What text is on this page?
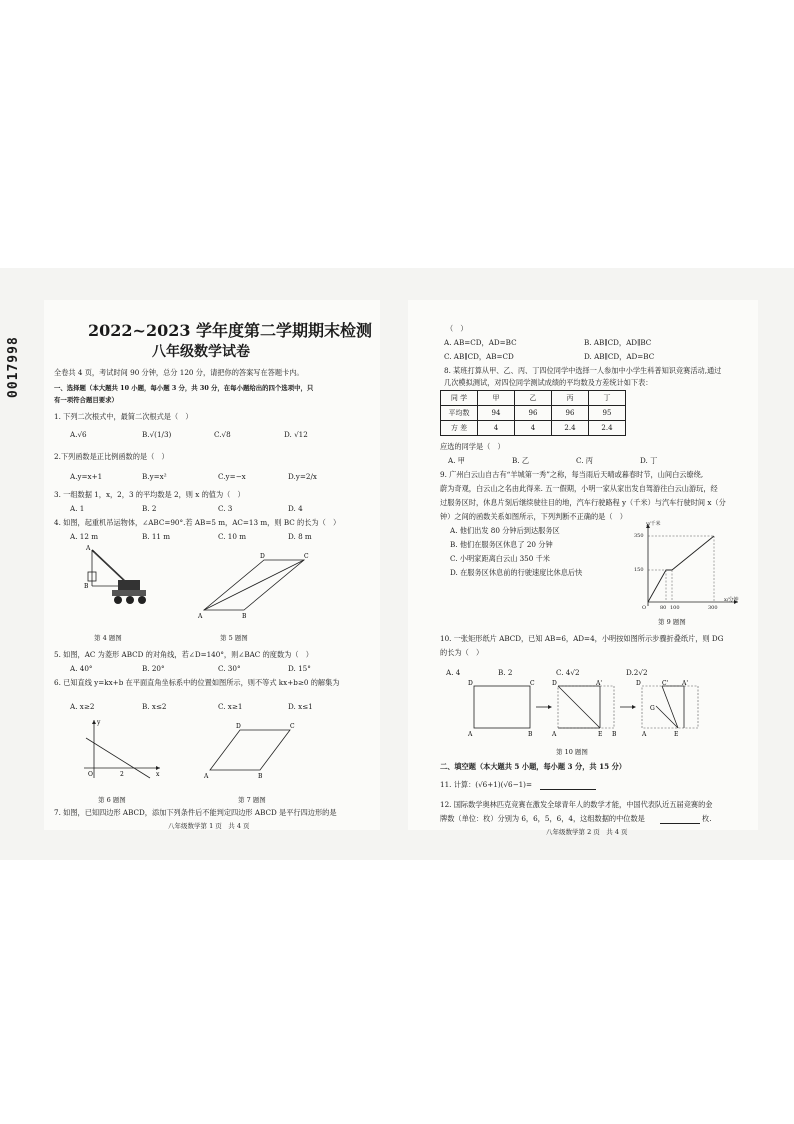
0017998
2022~2023 学年度第二学期期末检测
八年级数学试卷
全卷共 4 页，考试时间 90 分钟，总分 120 分，请把你的答案写在答题卡内。
一、选择题（本大题共 10 小题，每小题 3 分，共 30 分，在每小题给出的四个选项中，只
有一项符合题目要求）
1. 下列二次根式中，最简二次根式是（　）
A.√6	B.√(1/3)	C.√8	D. √12
2.下列函数是正比例函数的是（　）
A.y=x+1	B.y=x²	C.y=−x	D.y=2/x
3. 一组数据 1，x，2，3 的平均数是 2，则 x 的值为（　）
A. 1	B. 2	C. 3	D. 4
4. 如图，起重机吊运物体，∠ABC=90°.若 AB=5 m，AC=13 m，则 BC 的长为（　）
A. 12 m	B. 11 m	C. 10 m	D. 8 m
A
B
第 4 题图
A	B
C
D
第 5 题图
5. 如图，AC 为菱形 ABCD 的对角线，若∠D=140°，则∠BAC 的度数为（　）
A. 40°	B. 20°	C. 30°	D. 15°
6. 已知直线 y=kx+b 在平面直角坐标系中的位置如图所示，则不等式 kx+b≥0 的解集为
A. x≥2	B. x≤2	C. x≥1	D. x≤1
O	2
y
x
第 6 题图
A	B
C
D
第 7 题图
7. 如图，已知四边形 ABCD，添加下列条件后不能判定四边形 ABCD 是平行四边形的是
八年级数学第 1 页　共 4 页
（　）
A. AB=CD，AD=BC	B. AB∥CD，AD∥BC
C. AB∥CD，AB=CD	D. AB∥CD，AD=BC
8. 某班打算从甲、乙、丙、丁四位同学中选择一人参加中小学生科普知识竞赛活动,通过
几次模拟测试，对四位同学测试成绩的平均数及方差统计如下表：
同 学	甲	乙	丙	丁
平均数	94	96	96	95
方 差	4	4	2.4	2.4
应选的同学是（　）
A. 甲	B. 乙	C. 丙	D. 丁
9. 广州白云山自古有“羊城第一秀”之称，每当雨后天晴或暮春时节，山间白云缭绕,
蔚为奇观，白云山之名由此得来. 五一假期，小明一家从家出发自驾游往白云山游玩，经
过服务区时，休息片刻后继续驶往目的地，汽车行驶路程 y（千米）与汽车行驶时间 x（分
钟）之间的函数关系如图所示，下列判断不正确的是（　）
A. 他们出发 80 分钟后到达服务区
B. 他们在服务区休息了 20 分钟
C. 小明家距离白云山 350 千米
D. 在服务区休息前的行驶速度比休息后快
y/千米
350
150
O	80 100	300
x/分钟
第 9 题图
10. 一张矩形纸片 ABCD，已知 AB=6，AD=4，小明按如图所示步骤折叠纸片，则 DG
的长为（　）
A. 4	B. 2	C. 4√2	D.2√2
D	C
A	B
D	A'
A	E B
D	C' A'
G
A	E
第 10 题图
二、填空题（本大题共 5 小题，每小题 3 分，共 15 分）
11. 计算：(√6+1)(√6−1)=
12. 国际数学奥林匹克竞赛在激发全球青年人的数学才能，中国代表队近五届竞赛的金
牌数（单位：枚）分别为 6，6，5，6，4，这组数据的中位数是	枚.
八年级数学第 2 页　共 4 页
